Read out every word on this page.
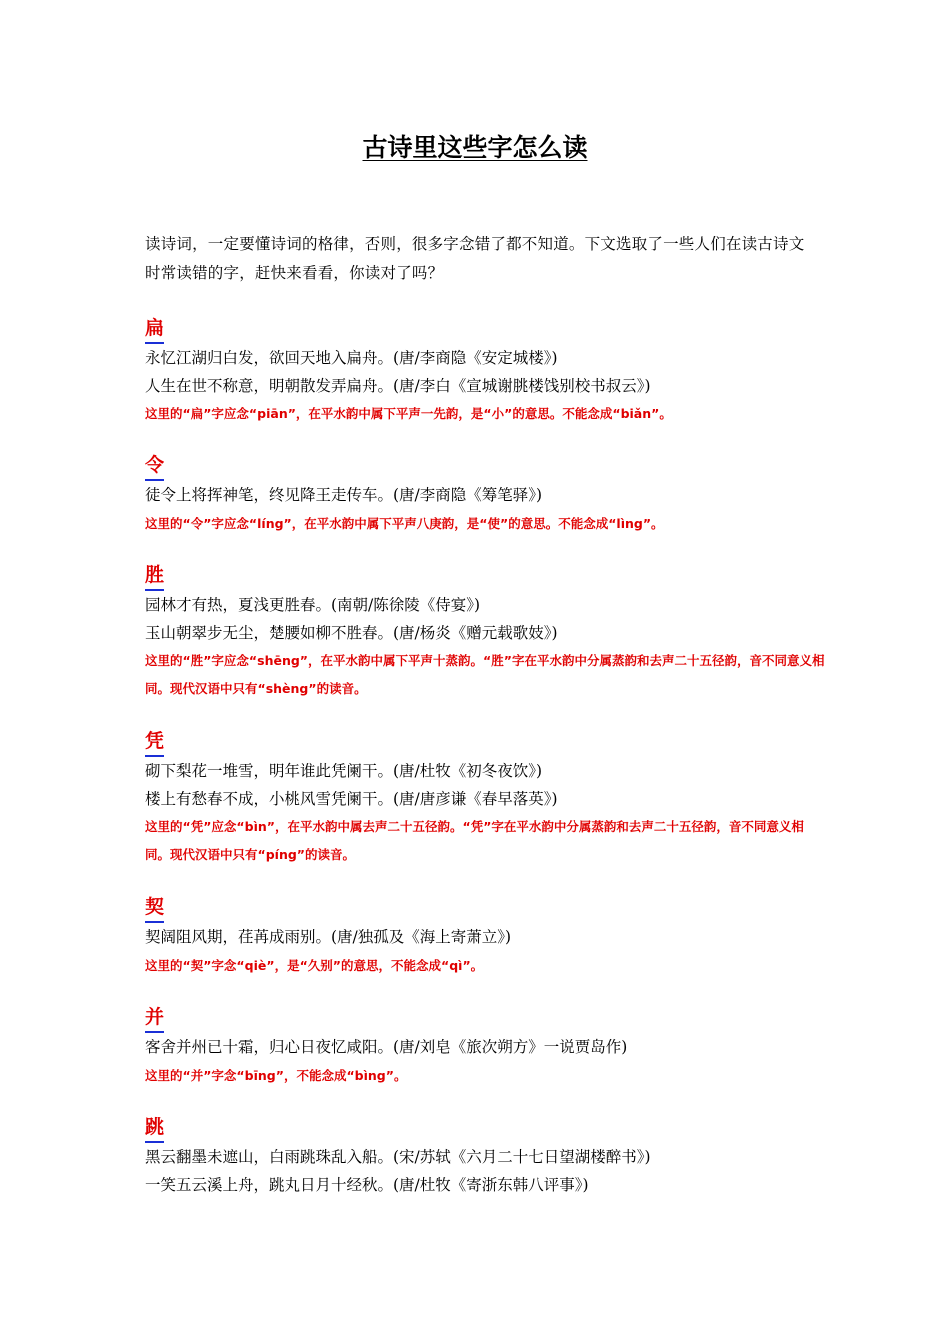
古诗里这些字怎么读
读诗词，一定要懂诗词的格律，否则，很多字念错了都不知道。下文选取了一些人们在读古诗文时常读错的字，赶快来看看，你读对了吗？
扁
永忆江湖归白发，欲回天地入扁舟。(唐/李商隐《安定城楼》)
人生在世不称意，明朝散发弄扁舟。(唐/李白《宣城谢朓楼饯别校书叔云》)
这里的“扁”字应念“piān”，在平水韵中属下平声一先韵，是“小”的意思。不能念成“biǎn”。
令
徒令上将挥神笔，终见降王走传车。(唐/李商隐《筹笔驿》)
这里的“令”字应念“líng”，在平水韵中属下平声八庚韵，是“使”的意思。不能念成“lìng”。
胜
园林才有热，夏浅更胜春。(南朝/陈徐陵《侍宴》)
玉山朝翠步无尘，楚腰如柳不胜春。(唐/杨炎《赠元载歌妓》)
这里的“胜”字应念“shēng”，在平水韵中属下平声十蒸韵。“胜”字在平水韵中分属蒸韵和去声二十五径韵，音不同意义相同。现代汉语中只有“shèng”的读音。
凭
砌下梨花一堆雪，明年谁此凭阑干。(唐/杜牧《初冬夜饮》)
楼上有愁春不成，小桃风雪凭阑干。(唐/唐彦谦《春早落英》)
这里的“凭”应念“bìn”，在平水韵中属去声二十五径韵。“凭”字在平水韵中分属蒸韵和去声二十五径韵，音不同意义相同。现代汉语中只有“píng”的读音。
契
契阔阻风期，荏苒成雨别。(唐/独孤及《海上寄萧立》)
这里的“契”字念“qiè”，是“久别”的意思，不能念成“qì”。
并
客舍并州已十霜，归心日夜忆咸阳。(唐/刘皂《旅次朔方》一说贾岛作)
这里的“并”字念“bīng”，不能念成“bìng”。
跳
黑云翻墨未遮山，白雨跳珠乱入船。(宋/苏轼《六月二十七日望湖楼醉书》)
一笑五云溪上舟，跳丸日月十经秋。(唐/杜牧《寄浙东韩八评事》)
